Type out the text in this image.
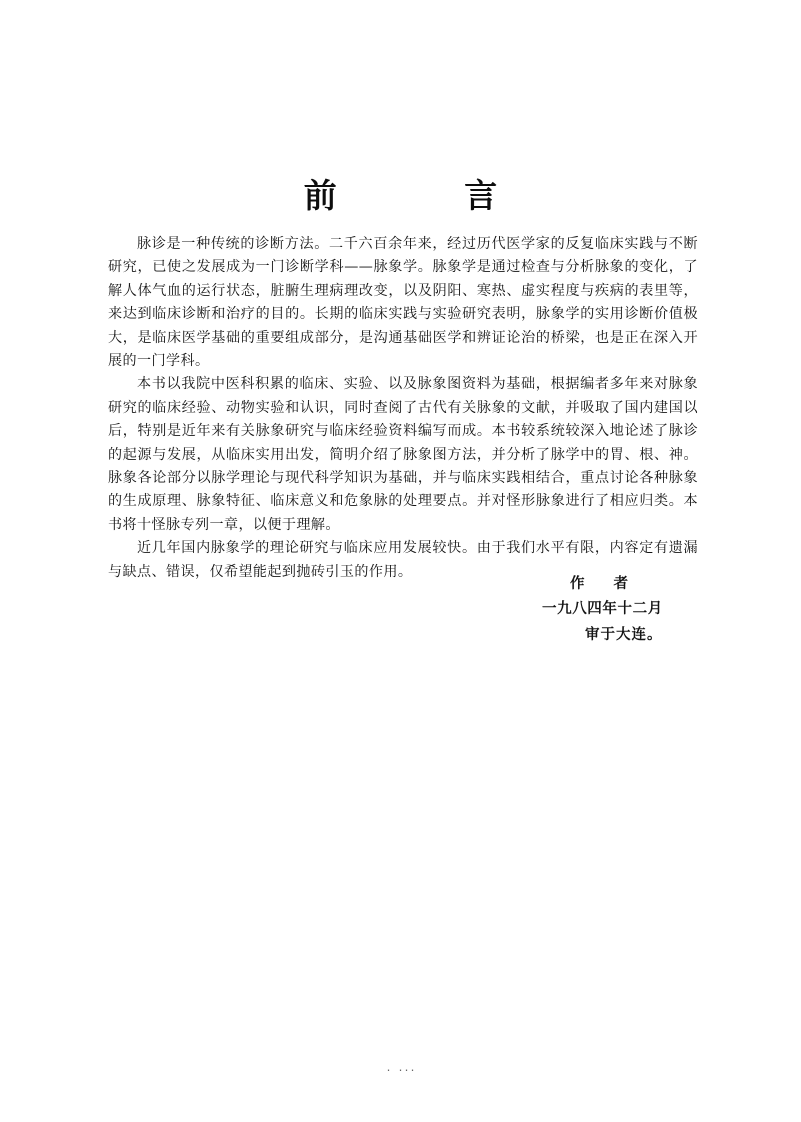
前 言

脉诊是一种传统的诊断方法。二千六百余年来，经过历代医学家的反复临床实践与不断研究，已使之发展成为一门诊断学科——脉象学。脉象学是通过检查与分析脉象的变化，了解人体气血的运行状态，脏腑生理病理改变，以及阴阳、寒热、虚实程度与疾病的表里等，来达到临床诊断和治疗的目的。长期的临床实践与实验研究表明，脉象学的实用诊断价值极大，是临床医学基础的重要组成部分，是沟通基础医学和辨证论治的桥梁，也是正在深入开展的一门学科。

本书以我院中医科积累的临床、实验、以及脉象图资料为基础，根据编者多年来对脉象研究的临床经验、动物实验和认识，同时查阅了古代有关脉象的文献，并吸取了国内建国以后，特别是近年来有关脉象研究与临床经验资料编写而成。本书较系统较深入地论述了脉诊的起源与发展，从临床实用出发，简明介绍了脉象图方法，并分析了脉学中的胃、根、神。脉象各论部分以脉学理论与现代科学知识为基础，并与临床实践相结合，重点讨论各种脉象的生成原理、脉象特征、临床意义和危象脉的处理要点。并对怪形脉象进行了相应归类。本书将十怪脉专列一章，以便于理解。

近几年国内脉象学的理论研究与临床应用发展较快。由于我们水平有限，内容定有遗漏与缺点、错误，仅希望能起到抛砖引玉的作用。

作者
一九八四年十二月
审于大连。
. ...
